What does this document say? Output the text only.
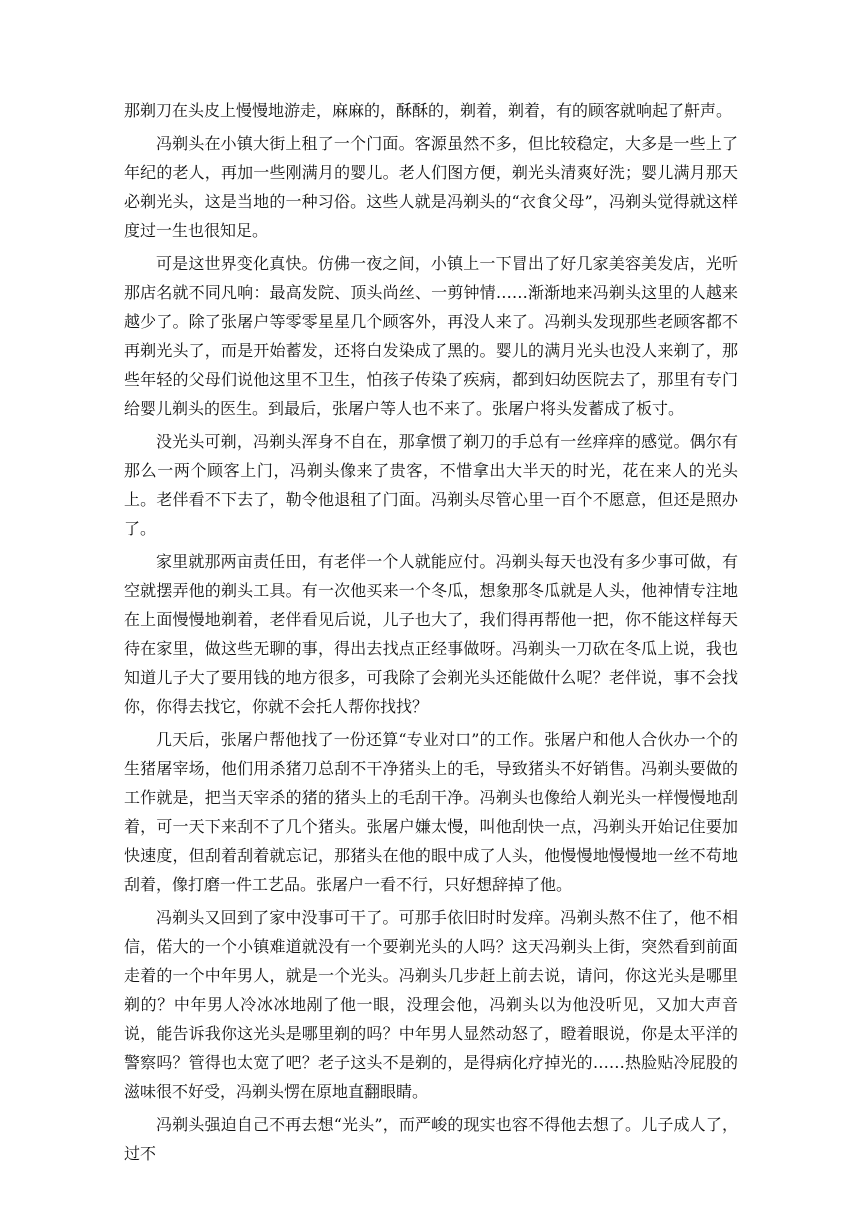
那剃刀在头皮上慢慢地游走，麻麻的，酥酥的，剃着，剃着，有的顾客就响起了鼾声。

冯剃头在小镇大街上租了一个门面。客源虽然不多，但比较稳定，大多是一些上了年纪的老人，再加一些刚满月的婴儿。老人们图方便，剃光头清爽好洗；婴儿满月那天必剃光头，这是当地的一种习俗。这些人就是冯剃头的“衣食父母”，冯剃头觉得就这样度过一生也很知足。

可是这世界变化真快。仿佛一夜之间，小镇上一下冒出了好几家美容美发店，光听那店名就不同凡响：最高发院、顶头尚丝、一剪钟情……渐渐地来冯剃头这里的人越来越少了。除了张屠户等零零星星几个顾客外，再没人来了。冯剃头发现那些老顾客都不再剃光头了，而是开始蓄发，还将白发染成了黑的。婴儿的满月光头也没人来剃了，那些年轻的父母们说他这里不卫生，怕孩子传染了疾病，都到妇幼医院去了，那里有专门给婴儿剃头的医生。到最后，张屠户等人也不来了。张屠户将头发蓄成了板寸。

没光头可剃，冯剃头浑身不自在，那拿惯了剃刀的手总有一丝痒痒的感觉。偶尔有那么一两个顾客上门，冯剃头像来了贵客，不惜拿出大半天的时光，花在来人的光头上。老伴看不下去了，勒令他退租了门面。冯剃头尽管心里一百个不愿意，但还是照办了。

家里就那两亩责任田，有老伴一个人就能应付。冯剃头每天也没有多少事可做，有空就摆弄他的剃头工具。有一次他买来一个冬瓜，想象那冬瓜就是人头，他神情专注地在上面慢慢地剃着，老伴看见后说，儿子也大了，我们得再帮他一把，你不能这样每天待在家里，做这些无聊的事，得出去找点正经事做呀。冯剃头一刀砍在冬瓜上说，我也知道儿子大了要用钱的地方很多，可我除了会剃光头还能做什么呢？老伴说，事不会找你，你得去找它，你就不会托人帮你找找？

几天后，张屠户帮他找了一份还算“专业对口”的工作。张屠户和他人合伙办一个的生猪屠宰场，他们用杀猪刀总刮不干净猪头上的毛，导致猪头不好销售。冯剃头要做的工作就是，把当天宰杀的猪的猪头上的毛刮干净。冯剃头也像给人剃光头一样慢慢地刮着，可一天下来刮不了几个猪头。张屠户嫌太慢，叫他刮快一点，冯剃头开始记住要加快速度，但刮着刮着就忘记，那猪头在他的眼中成了人头，他慢慢地慢慢地一丝不苟地刮着，像打磨一件工艺品。张屠户一看不行，只好想辞掉了他。

冯剃头又回到了家中没事可干了。可那手依旧时时发痒。冯剃头熬不住了，他不相信，偌大的一个小镇难道就没有一个要剃光头的人吗？这天冯剃头上街，突然看到前面走着的一个中年男人，就是一个光头。冯剃头几步赶上前去说，请问，你这光头是哪里剃的？中年男人冷冰冰地剐了他一眼，没理会他，冯剃头以为他没听见，又加大声音说，能告诉我你这光头是哪里剃的吗？中年男人显然动怒了，瞪着眼说，你是太平洋的警察吗？管得也太宽了吧？老子这头不是剃的，是得病化疗掉光的……热脸贴冷屁股的滋味很不好受，冯剃头愣在原地直翻眼睛。

冯剃头强迫自己不再去想“光头”，而严峻的现实也容不得他去想了。儿子成人了，过不
